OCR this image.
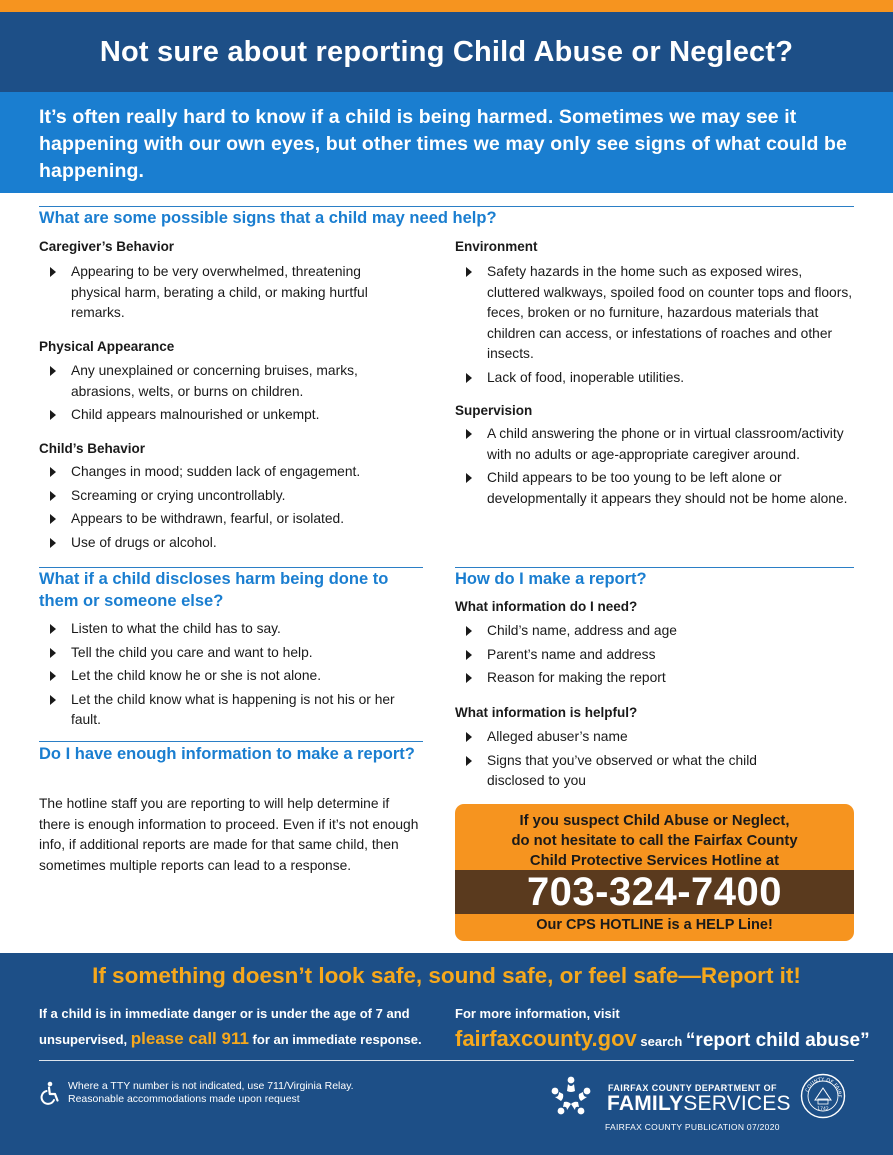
Not sure about reporting Child Abuse or Neglect?

It’s often really hard to know if a child is being harmed. Sometimes we may see it happening with our own eyes, but other times we may only see signs of what could be happening.

What are some possible signs that a child may need help?
Caregiver’s Behavior
Appearing to be very overwhelmed, threatening physical harm, berating a child, or making hurtful remarks.
Physical Appearance
Any unexplained or concerning bruises, marks, abrasions, welts, or burns on children.
Child appears malnourished or unkempt.
Child’s Behavior
Changes in mood; sudden lack of engagement.
Screaming or crying uncontrollably.
Appears to be withdrawn, fearful, or isolated.
Use of drugs or alcohol.
Environment
Safety hazards in the home such as exposed wires, cluttered walkways, spoiled food on counter tops and floors, feces, broken or no furniture, hazardous materials that children can access, or infestations of roaches and other insects.
Lack of food, inoperable utilities.
Supervision
A child answering the phone or in virtual classroom/activity with no adults or age-appropriate caregiver around.
Child appears to be too young to be left alone or developmentally it appears they should not be home alone.
What if a child discloses harm being done to them or someone else?
Listen to what the child has to say.
Tell the child you care and want to help.
Let the child know he or she is not alone.
Let the child know what is happening is not his or her fault.
Do I have enough information to make a report?
The hotline staff you are reporting to will help determine if there is enough information to proceed. Even if it’s not enough info, if additional reports are made for that same child, then sometimes multiple reports can lead to a response.
How do I make a report?
What information do I need?
Child’s name, address and age
Parent’s name and address
Reason for making the report
What information is helpful?
Alleged abuser’s name
Signs that you’ve observed or what the child disclosed to you
If you suspect Child Abuse or Neglect,
do not hesitate to call the Fairfax County
Child Protective Services Hotline at
703-324-7400
Our CPS HOTLINE is a HELP Line!
If something doesn’t look safe, sound safe, or feel safe—Report it!
If a child is in immediate danger or is under the age of 7 and
unsupervised, please call 911 for an immediate response.
For more information, visit
fairfaxcounty.gov search “report child abuse”
Where a TTY number is not indicated, use 711/Virginia Relay.
Reasonable accommodations made upon request
FAIRFAX COUNTY DEPARTMENT OF
FAMILYSERVICES
FAIRFAX COUNTY PUBLICATION 07/2020
COUNTY OF FAIRF
1742
